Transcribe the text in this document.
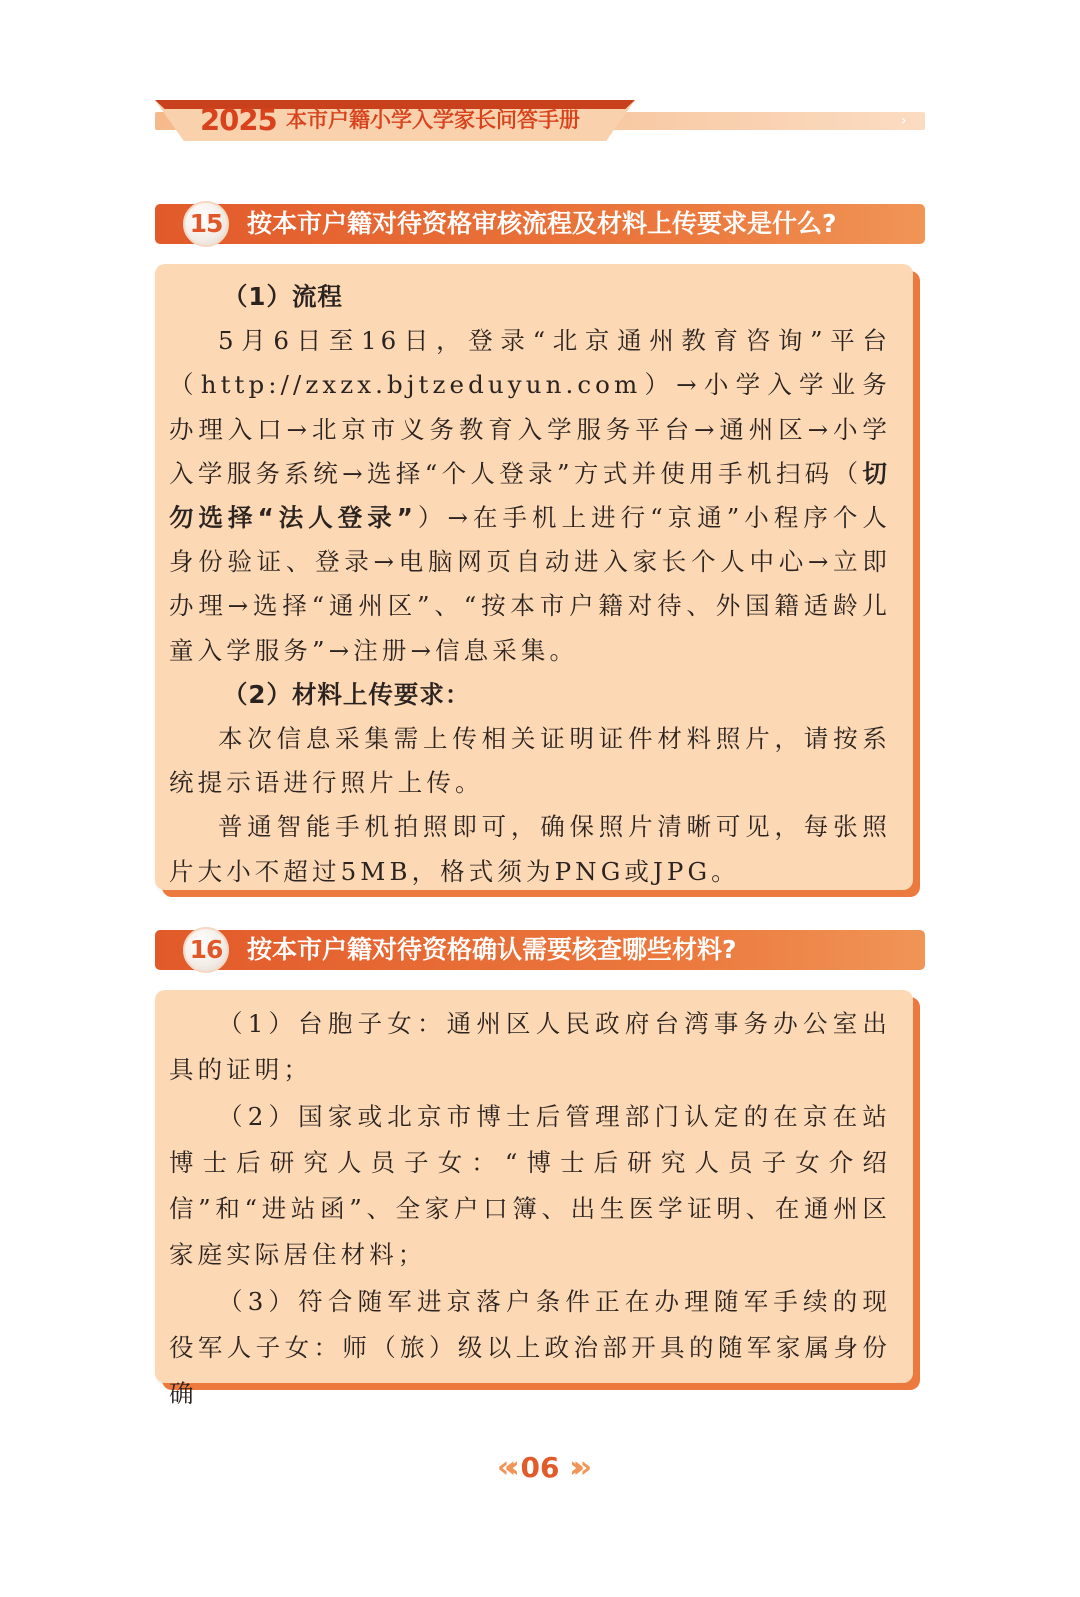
2025 本市户籍小学入学家长问答手册	›
15 按本市户籍对待资格审核流程及材料上传要求是什么?

（1）流程

5月6日至16日，登录“北京通州教育咨询”平台（http://zxzx.bjtzeduyun.com）→小学入学业务办理入口→北京市义务教育入学服务平台→通州区→小学入学服务系统→选择“个人登录”方式并使用手机扫码（切勿选择“法人登录”）→在手机上进行“京通”小程序个人身份验证、登录→电脑网页自动进入家长个人中心→立即办理→选择“通州区”、“按本市户籍对待、外国籍适龄儿童入学服务”→注册→信息采集。

（2）材料上传要求：

本次信息采集需上传相关证明证件材料照片，请按系统提示语进行照片上传。

普通智能手机拍照即可，确保照片清晰可见，每张照片大小不超过5MB，格式须为PNG或JPG。

16 按本市户籍对待资格确认需要核查哪些材料?

（1）台胞子女：通州区人民政府台湾事务办公室出具的证明；

（2）国家或北京市博士后管理部门认定的在京在站博士后研究人员子女：“博士后研究人员子女介绍信”和“进站函”、全家户口簿、出生医学证明、在通州区家庭实际居住材料；

（3）符合随军进京落户条件正在办理随军手续的现役军人子女：师（旅）级以上政治部开具的随军家属身份确

«‹ 06 ›»
